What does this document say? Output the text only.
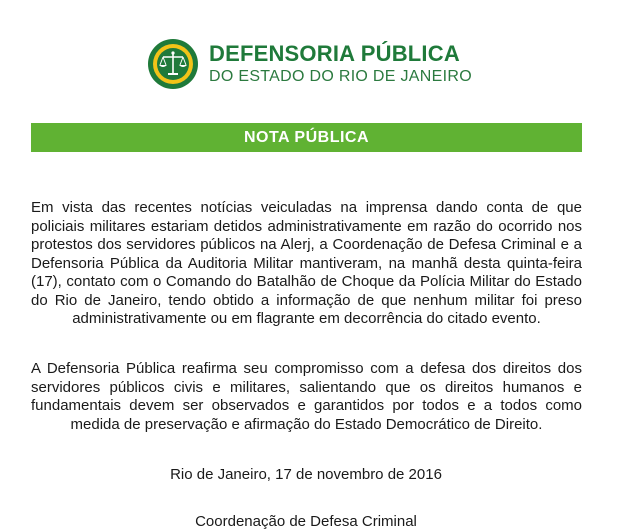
DEFENSORIA PÚBLICA
DO ESTADO DO RIO DE JANEIRO
NOTA PÚBLICA
Em vista das recentes notícias veiculadas na imprensa dando conta de que policiais militares estariam detidos administrativamente em razão do ocorrido nos protestos dos servidores públicos na Alerj, a Coordenação de Defesa Criminal e a Defensoria Pública da Auditoria Militar mantiveram, na manhã desta quinta-feira (17), contato com o Comando do Batalhão de Choque da Polícia Militar do Estado do Rio de Janeiro, tendo obtido a informação de que nenhum militar foi preso administrativamente ou em flagrante em decorrência do citado evento.
A Defensoria Pública reafirma seu compromisso com a defesa dos direitos dos servidores públicos civis e militares, salientando que os direitos humanos e fundamentais devem ser observados e garantidos por todos e a todos como medida de preservação e afirmação do Estado Democrático de Direito.
Rio de Janeiro, 17 de novembro de 2016
Coordenação de Defesa Criminal
